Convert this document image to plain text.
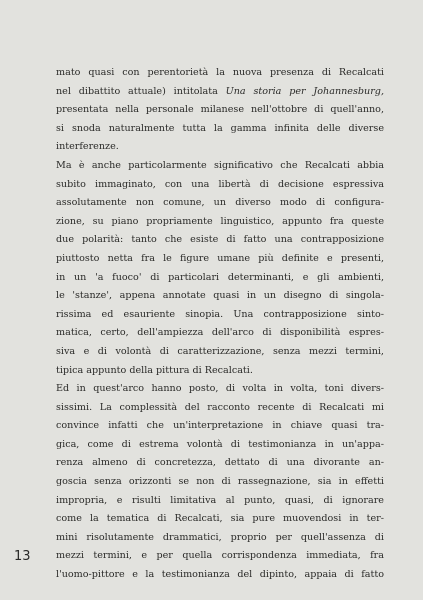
mato quasi con perentorietà la nuova presenza di Recalcati
nel dibattito attuale) intitolata Una storia per Johannesburg,
presentata nella personale milanese nell'ottobre di quell'anno,
si snoda naturalmente tutta la gamma infinita delle diverse
interferenze.
Ma è anche particolarmente significativo che Recalcati abbia
subito immaginato, con una libertà di decisione espressiva
assolutamente non comune, un diverso modo di configura-
zione, su piano propriamente linguistico, appunto fra queste
due polarità: tanto che esiste di fatto una contrapposizione
piuttosto netta fra le figure umane più definite e presenti,
in un 'a fuoco' di particolari determinanti, e gli ambienti,
le 'stanze', appena annotate quasi in un disegno di singola-
rissima ed esauriente sinopia. Una contrapposizione sinto-
matica, certo, dell'ampiezza dell'arco di disponibilità espres-
siva e di volontà di caratterizzazione, senza mezzi termini,
tipica appunto della pittura di Recalcati.
Ed in quest'arco hanno posto, di volta in volta, toni divers-
sissimi. La complessità del racconto recente di Recalcati mi
convince infatti che un'interpretazione in chiave quasi tra-
gica, come di estrema volontà di testimonianza in un'appa-
renza almeno di concretezza, dettato di una divorante an-
goscia senza orizzonti se non di rassegnazione, sia in effetti
impropria, e risulti limitativa al punto, quasi, di ignorare
come la tematica di Recalcati, sia pure muovendosi in ter-
mini risolutamente drammatici, proprio per quell'assenza di
mezzi termini, e per quella corrispondenza immediata, fra
l'uomo-pittore e la testimonianza del dipinto, appaia di fatto
13
